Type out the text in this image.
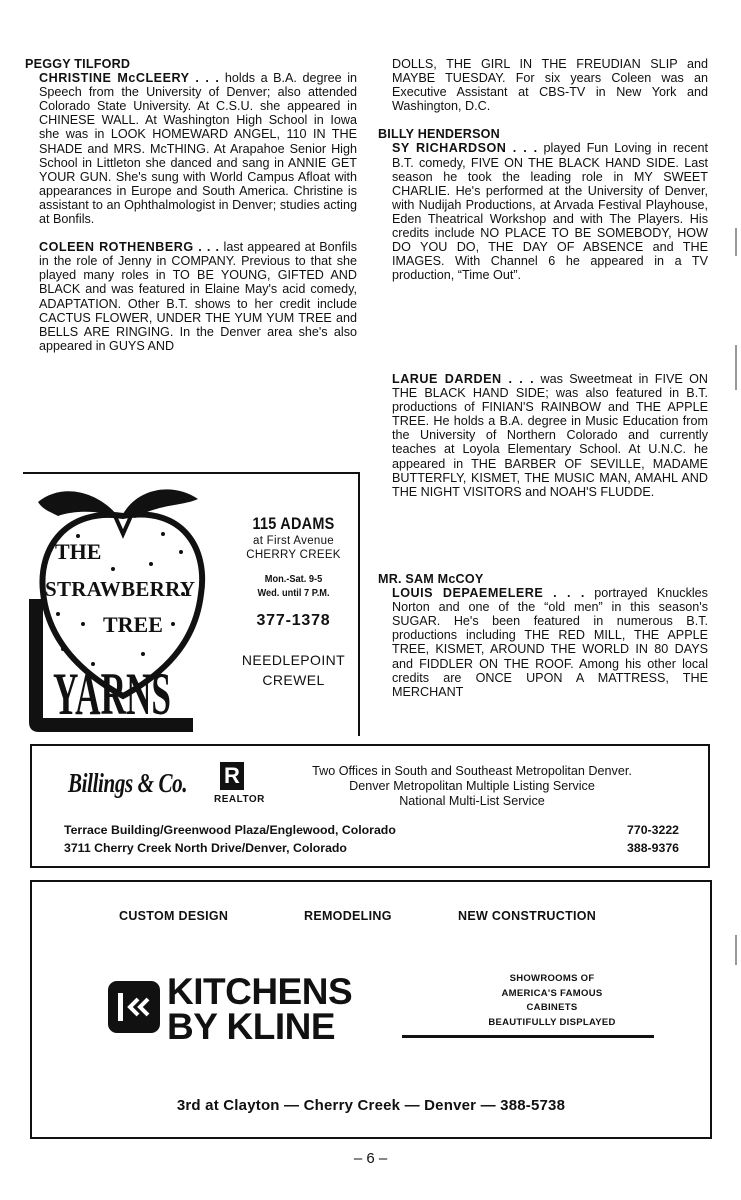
PEGGY TILFORD

CHRISTINE McCLEERY . . . holds a B.A. degree in Speech from the University of Denver; also attended Colorado State University. At C.S.U. she appeared in CHINESE WALL. At Washington High School in Iowa she was in LOOK HOMEWARD ANGEL, 110 IN THE SHADE and MRS. McTHING. At Arapahoe Senior High School in Littleton she danced and sang in ANNIE GET YOUR GUN. She's sung with World Campus Afloat with appearances in Europe and South America. Christine is assistant to an Ophthalmologist in Denver; studies acting at Bonfils.

COLEEN ROTHENBERG . . . last appeared at Bonfils in the role of Jenny in COMPANY. Previous to that she played many roles in TO BE YOUNG, GIFTED AND BLACK and was featured in Elaine May's acid comedy, ADAPTATION. Other B.T. shows to her credit include CACTUS FLOWER, UNDER THE YUM YUM TREE and BELLS ARE RINGING. In the Denver area she's also appeared in GUYS AND

DOLLS, THE GIRL IN THE FREUDIAN SLIP and MAYBE TUESDAY. For six years Coleen was an Executive Assistant at CBS-TV in New York and Washington, D.C.

BILLY HENDERSON

SY RICHARDSON . . . played Fun Loving in recent B.T. comedy, FIVE ON THE BLACK HAND SIDE. Last season he took the leading role in MY SWEET CHARLIE. He's performed at the University of Denver, with Nudijah Productions, at Arvada Festival Playhouse, Eden Theatrical Workshop and with The Players. His credits include NO PLACE TO BE SOMEBODY, HOW DO YOU DO, THE DAY OF ABSENCE and THE IMAGES. With Channel 6 he appeared in a TV production, “Time Out”.

LARUE DARDEN . . . was Sweetmeat in FIVE ON THE BLACK HAND SIDE; was also featured in B.T. productions of FINIAN'S RAINBOW and THE APPLE TREE. He holds a B.A. degree in Music Education from the University of Northern Colorado and currently teaches at Loyola Elementary School. At U.N.C. he appeared in THE BARBER OF SEVILLE, MADAME BUTTERFLY, KISMET, THE MUSIC MAN, AMAHL AND THE NIGHT VISITORS and NOAH'S FLUDDE.

MR. SAM McCOY

LOUIS DEPAEMELERE . . . portrayed Knuckles Norton and one of the “old men” in this season's SUGAR. He's been featured in numerous B.T. productions including THE RED MILL, THE APPLE TREE, KISMET, AROUND THE WORLD IN 80 DAYS and FIDDLER ON THE ROOF. Among his other local credits are ONCE UPON A MATTRESS, THE MERCHANT

THE
STRAWBERRY
TREE
YARNS
115 ADAMS
at First Avenue
CHERRY CREEK
Mon.-Sat. 9-5
Wed. until 7 P.M.
377-1378
NEEDLEPOINT
CREWEL
Billings & Co. R
REALTOR
Two Offices in South and Southeast Metropolitan Denver.
Denver Metropolitan Multiple Listing Service
National Multi-List Service
Terrace Building/Greenwood Plaza/Englewood, Colorado	770-3222
3711 Cherry Creek North Drive/Denver, Colorado	388-9376
CUSTOM DESIGN	REMODELING	NEW CONSTRUCTION
KITCHENS
BY KLINE
SHOWROOMS OF
AMERICA'S FAMOUS
CABINETS
BEAUTIFULLY DISPLAYED
3rd at Clayton — Cherry Creek — Denver — 388-5738
– 6 –
